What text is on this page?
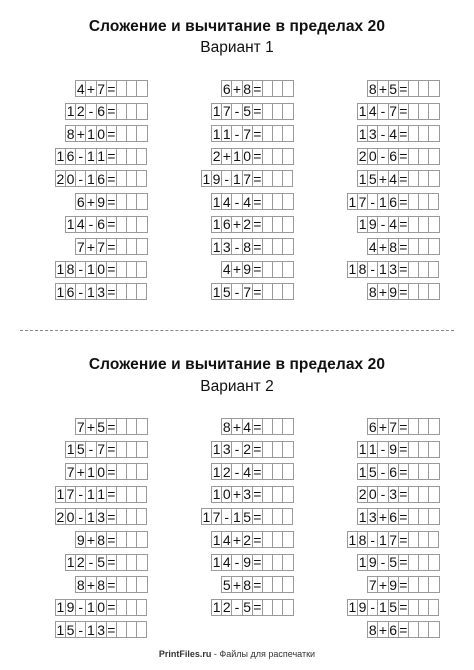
Сложение и вычитание в пределах 20
Вариант 1
4 + 7 =
1 2 - 6 =
8 + 1 0 =
1 6 - 1 1 =
2 0 - 1 6 =
6 + 9 =
1 4 - 6 =
7 + 7 =
1 8 - 1 0 =
1 6 - 1 3 =
6 + 8 =
1 7 - 5 =
1 1 - 7 =
2 + 1 0 =
1 9 - 1 7 =
1 4 - 4 =
1 6 + 2 =
1 3 - 8 =
4 + 9 =
1 5 - 7 =
8 + 5 =
1 4 - 7 =
1 3 - 4 =
2 0 - 6 =
1 5 + 4 =
1 7 - 1 6 =
1 9 - 4 =
4 + 8 =
1 8 - 1 3 =
8 + 9 =
Сложение и вычитание в пределах 20
Вариант 2
7 + 5 =
1 5 - 7 =
7 + 1 0 =
1 7 - 1 1 =
2 0 - 1 3 =
9 + 8 =
1 2 - 5 =
8 + 8 =
1 9 - 1 0 =
1 5 - 1 3 =
8 + 4 =
1 3 - 2 =
1 2 - 4 =
1 0 + 3 =
1 7 - 1 5 =
1 4 + 2 =
1 4 - 9 =
5 + 8 =
1 2 - 5 =
6 + 7 =
1 1 - 9 =
1 5 - 6 =
2 0 - 3 =
1 3 + 6 =
1 8 - 1 7 =
1 9 - 5 =
7 + 9 =
1 9 - 1 5 =
8 + 6 =
PrintFiles.ru - Файлы для распечатки
